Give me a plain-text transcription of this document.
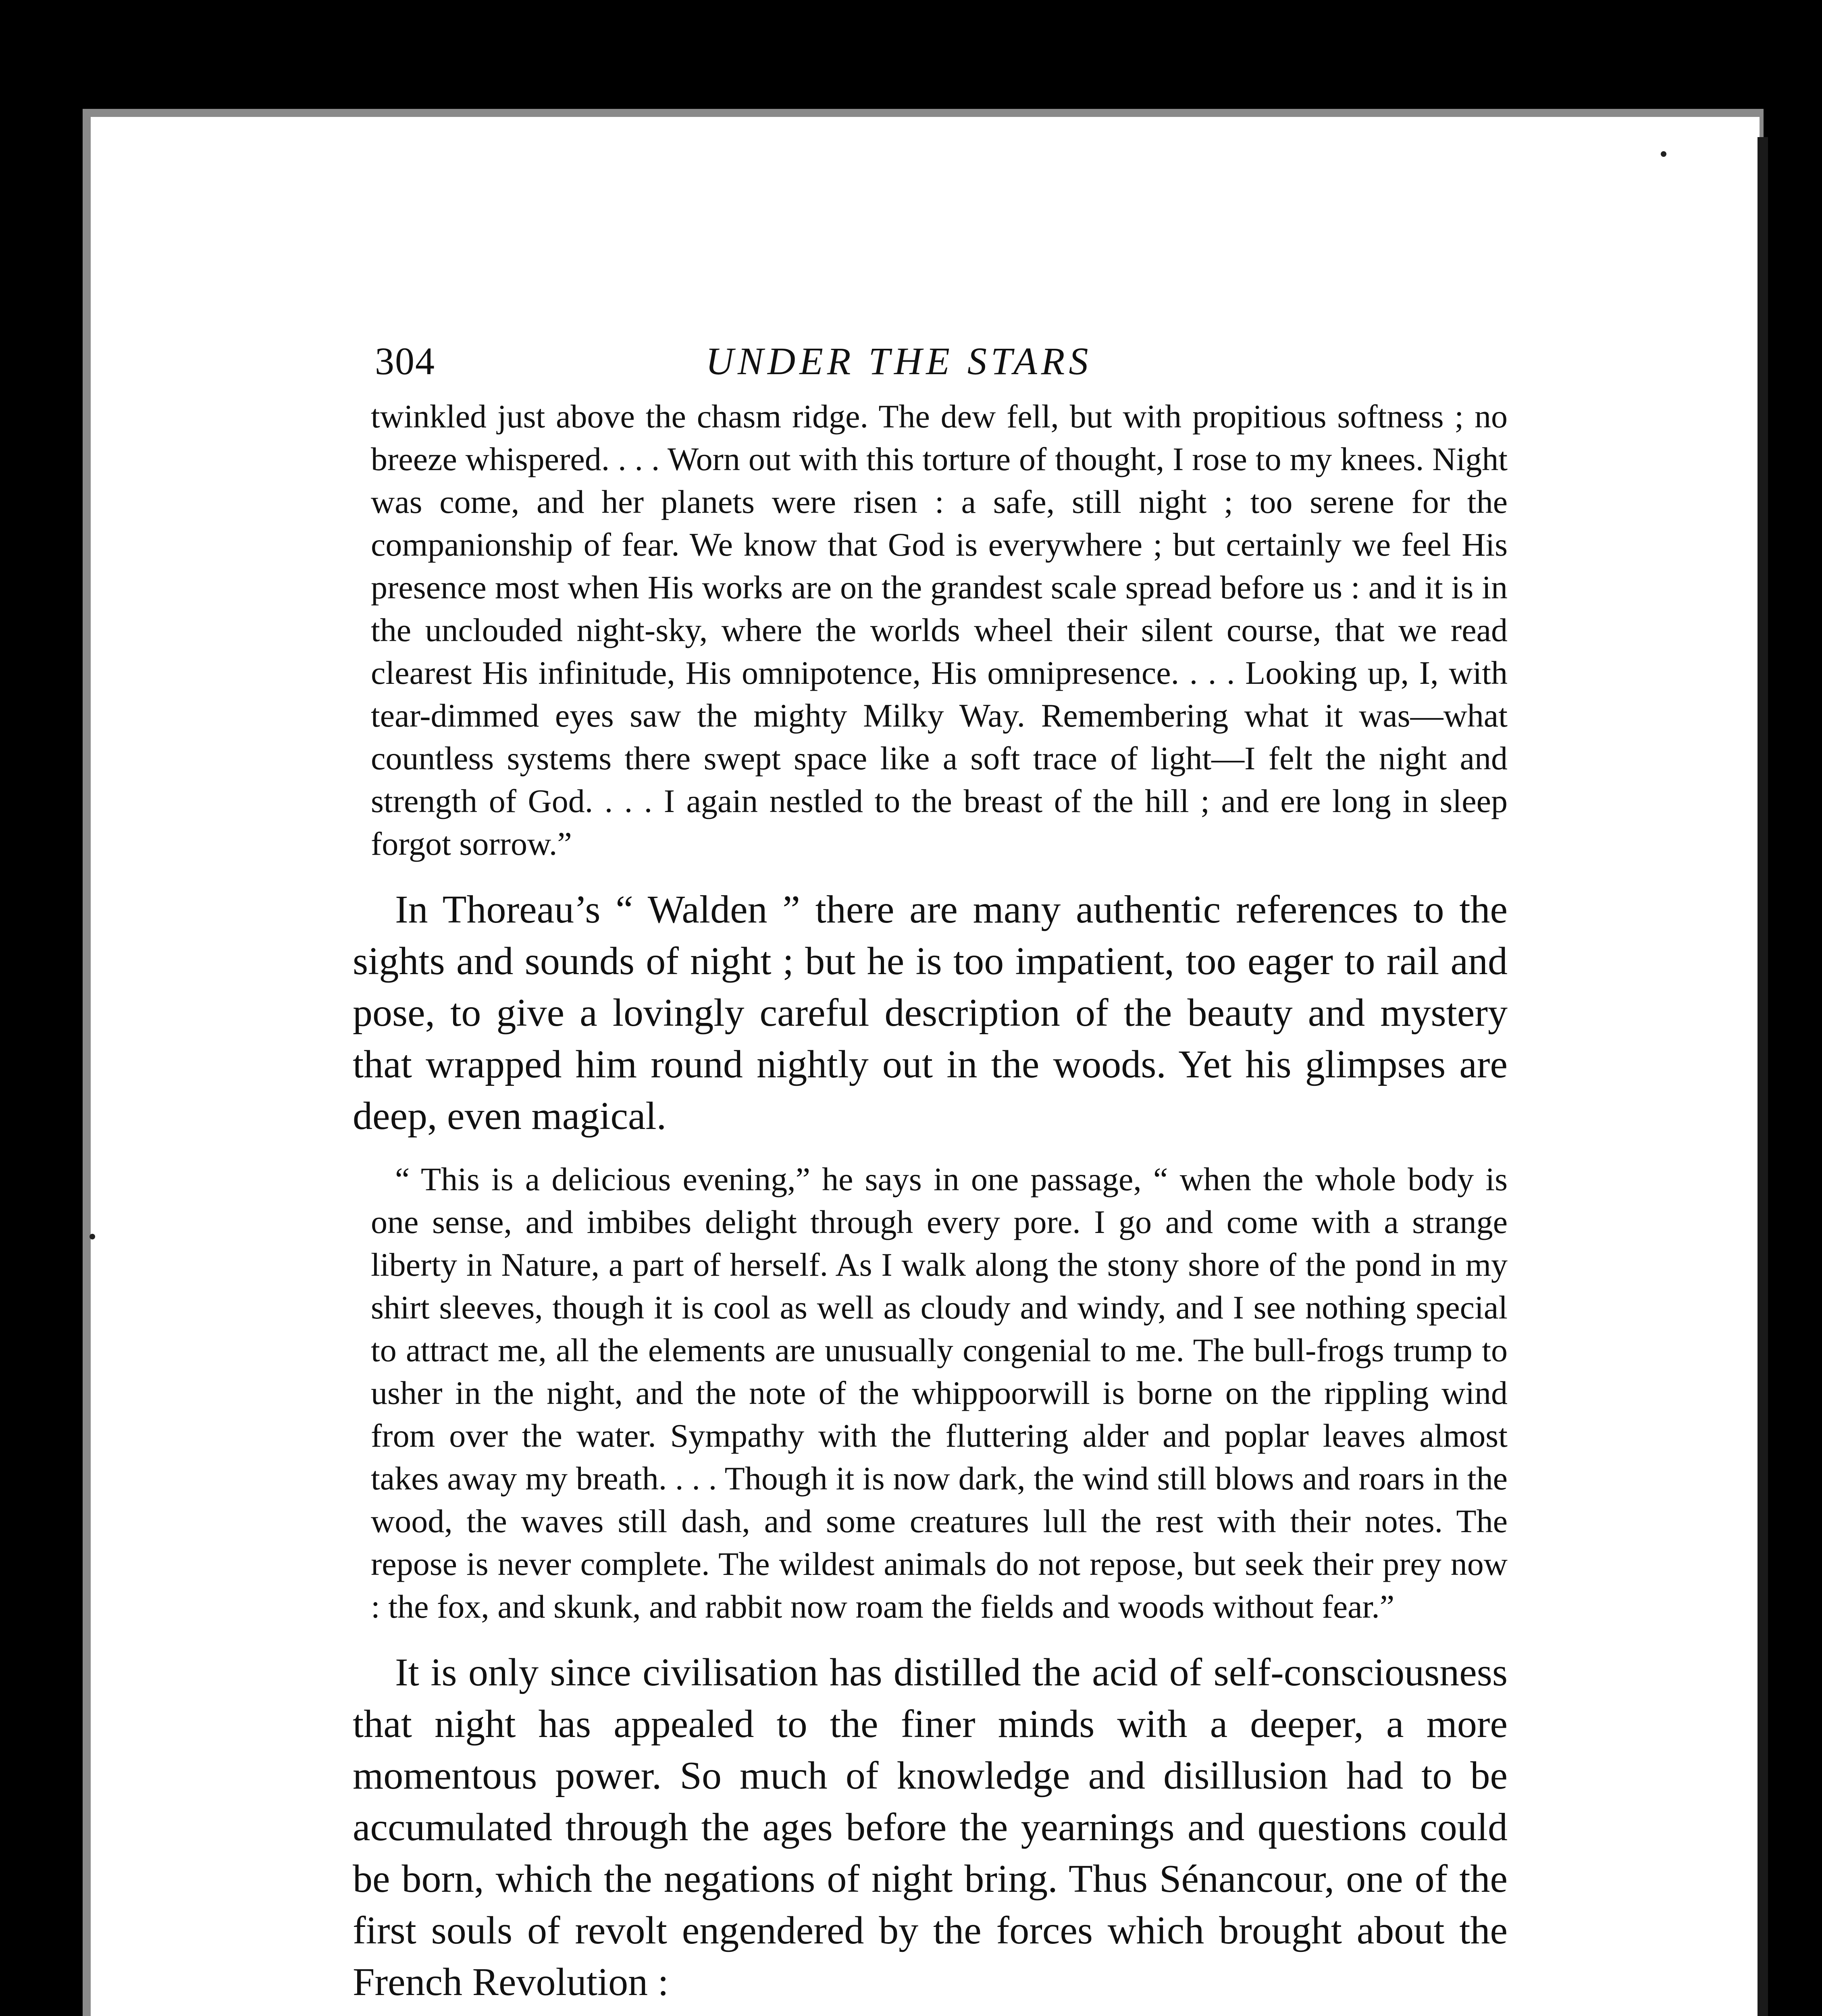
304	UNDER THE STARS

twinkled just above the chasm ridge. The dew fell, but with propitious softness ; no breeze whispered. . . . Worn out with this torture of thought, I rose to my knees. Night was come, and her planets were risen : a safe, still night ; too serene for the companionship of fear. We know that God is everywhere ; but certainly we feel His presence most when His works are on the grandest scale spread before us : and it is in the unclouded night-sky, where the worlds wheel their silent course, that we read clearest His infinitude, His omnipotence, His omnipresence. . . . Looking up, I, with tear-dimmed eyes saw the mighty Milky Way. Remembering what it was—what countless systems there swept space like a soft trace of light—I felt the night and strength of God. . . . I again nestled to the breast of the hill ; and ere long in sleep forgot sorrow.”

In Thoreau’s “ Walden ” there are many authentic references to the sights and sounds of night ; but he is too impatient, too eager to rail and pose, to give a lovingly careful description of the beauty and mystery that wrapped him round nightly out in the woods. Yet his glimpses are deep, even magical.

“ This is a delicious evening,” he says in one passage, “ when the whole body is one sense, and imbibes delight through every pore. I go and come with a strange liberty in Nature, a part of herself. As I walk along the stony shore of the pond in my shirt sleeves, though it is cool as well as cloudy and windy, and I see nothing special to attract me, all the elements are unusually congenial to me. The bull-frogs trump to usher in the night, and the note of the whippoorwill is borne on the rippling wind from over the water. Sympathy with the fluttering alder and poplar leaves almost takes away my breath. . . . Though it is now dark, the wind still blows and roars in the wood, the waves still dash, and some creatures lull the rest with their notes. The repose is never complete. The wildest animals do not repose, but seek their prey now : the fox, and skunk, and rabbit now roam the fields and woods without fear.”

It is only since civilisation has distilled the acid of self-consciousness that night has appealed to the finer minds with a deeper, a more momentous power. So much of knowledge and disillusion had to be accumulated through the ages before the yearnings and questions could be born, which the negations of night bring. Thus Sénancour, one of the first souls of revolt engendered by the forces which brought about the French Revolution :
